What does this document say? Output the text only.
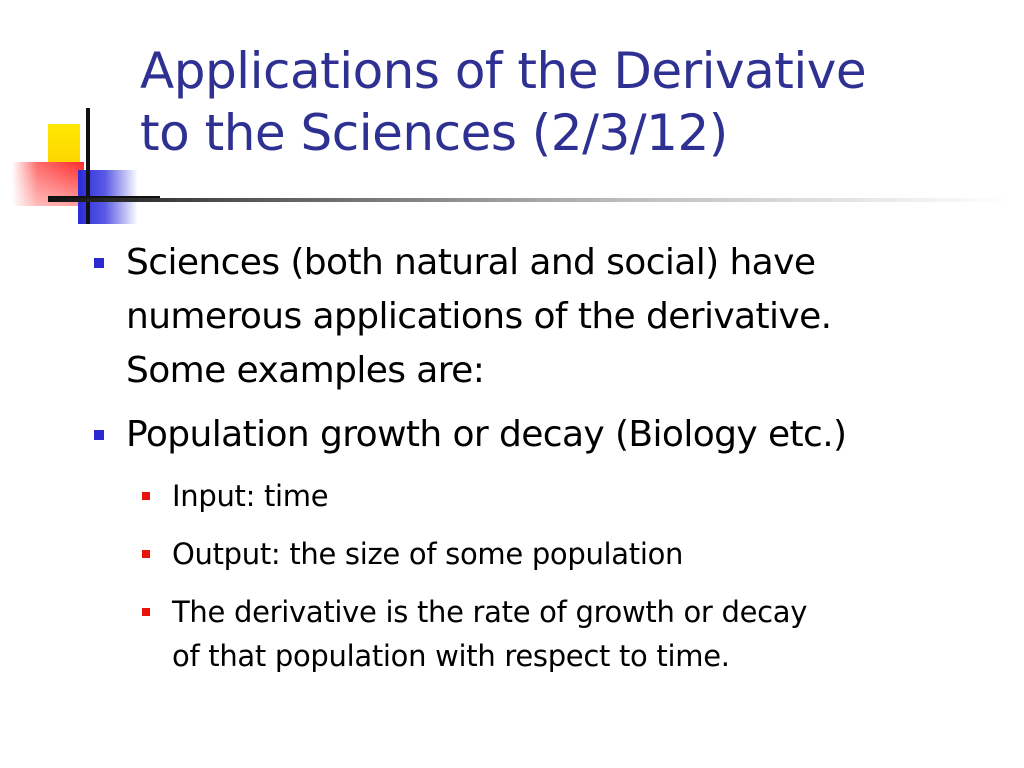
Applications of the Derivative
to the Sciences (2/3/12)
Sciences (both natural and social) have
numerous applications of the derivative.
Some examples are:
Population growth or decay (Biology etc.)
Input: time
Output: the size of some population
The derivative is the rate of growth or decay
of that population with respect to time.
